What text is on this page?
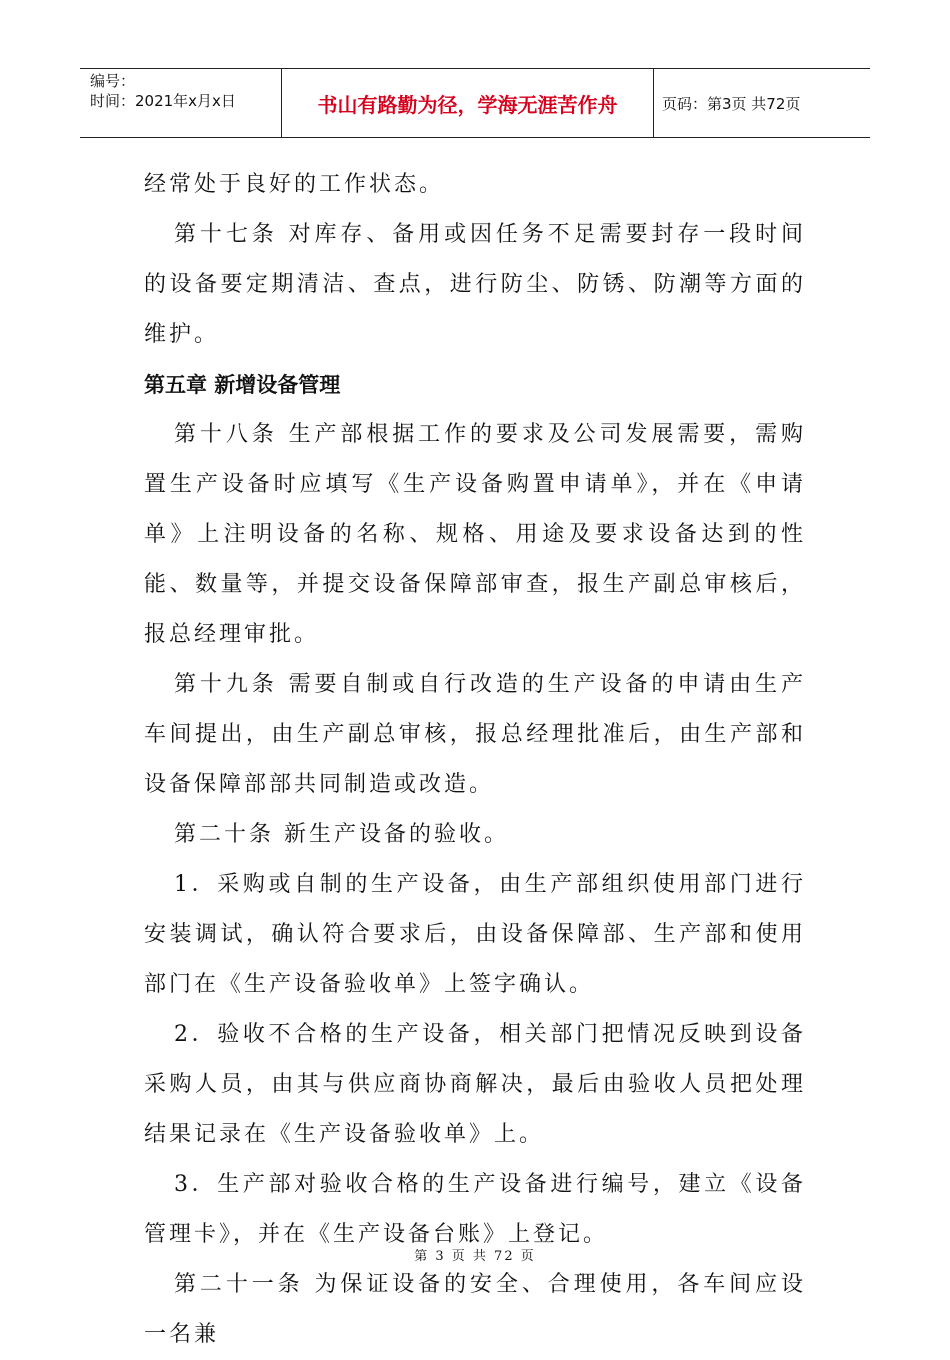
编号：
时间：2021年x月x日	书山有路勤为径，学海无涯苦作舟	页码：第3页 共72页

经常处于良好的工作状态。

第十七条 对库存、备用或因任务不足需要封存一段时间的设备要定期清洁、查点，进行防尘、防锈、防潮等方面的维护。

第五章 新增设备管理

第十八条 生产部根据工作的要求及公司发展需要，需购置生产设备时应填写《生产设备购置申请单》，并在《申请单》上注明设备的名称、规格、用途及要求设备达到的性能、数量等，并提交设备保障部审查，报生产副总审核后，报总经理审批。

第十九条 需要自制或自行改造的生产设备的申请由生产车间提出，由生产副总审核，报总经理批准后，由生产部和设备保障部部共同制造或改造。

第二十条 新生产设备的验收。

1．采购或自制的生产设备，由生产部组织使用部门进行安装调试，确认符合要求后，由设备保障部、生产部和使用部门在《生产设备验收单》上签字确认。

2．验收不合格的生产设备，相关部门把情况反映到设备采购人员，由其与供应商协商解决，最后由验收人员把处理结果记录在《生产设备验收单》上。

3．生产部对验收合格的生产设备进行编号，建立《设备管理卡》，并在《生产设备台账》上登记。

第二十一条 为保证设备的安全、合理使用，各车间应设一名兼

第 3 页 共 72 页
